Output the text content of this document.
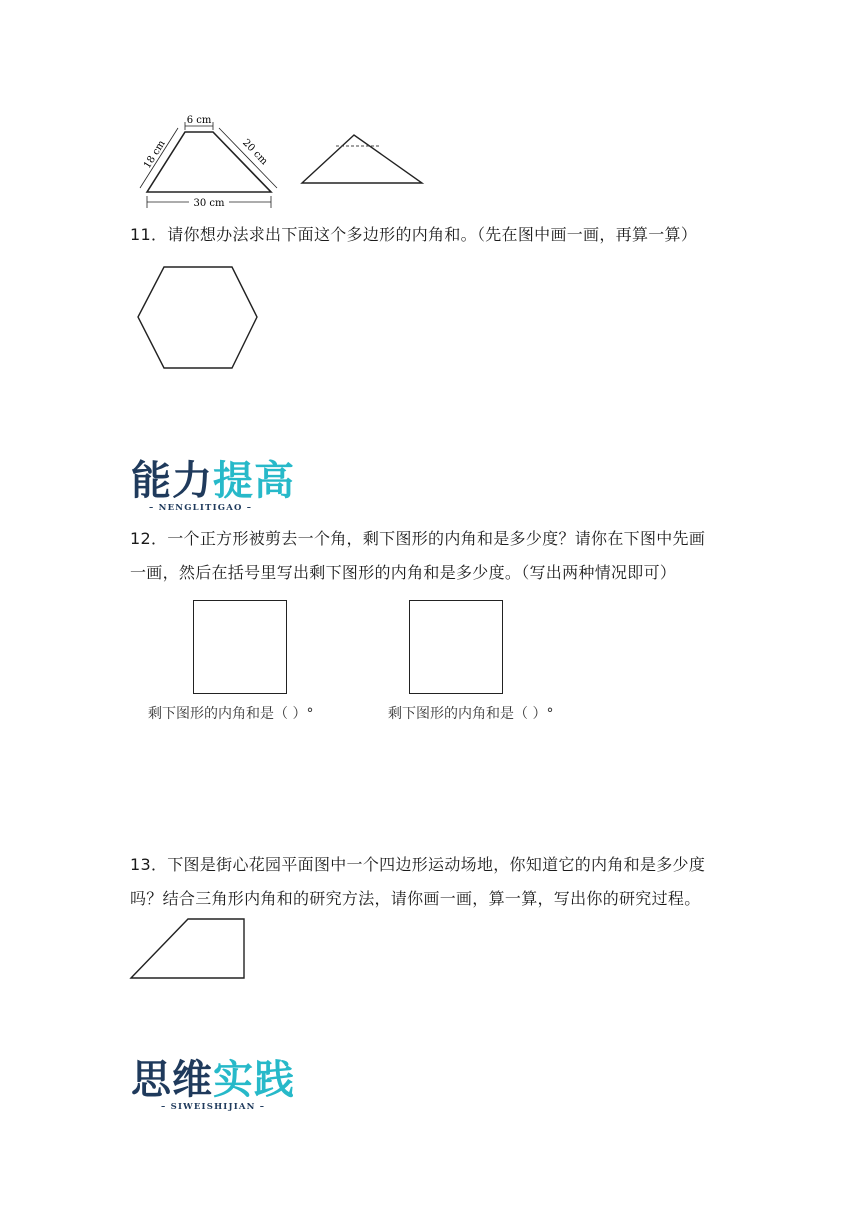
6 cm
18 cm	20 cm
30 cm
11．请你想办法求出下面这个多边形的内角和。（先在图中画一画，再算一算）
能力提高
– NENGLITIGAO –
12．一个正方形被剪去一个角，剩下图形的内角和是多少度？请你在下图中先画
一画，然后在括号里写出剩下图形的内角和是多少度。（写出两种情况即可）
剩下图形的内角和是（ ）°	剩下图形的内角和是（ ）°
13．下图是街心花园平面图中一个四边形运动场地，你知道它的内角和是多少度
吗？结合三角形内角和的研究方法，请你画一画，算一算，写出你的研究过程。
思维实践
– SIWEISHIJIAN –
